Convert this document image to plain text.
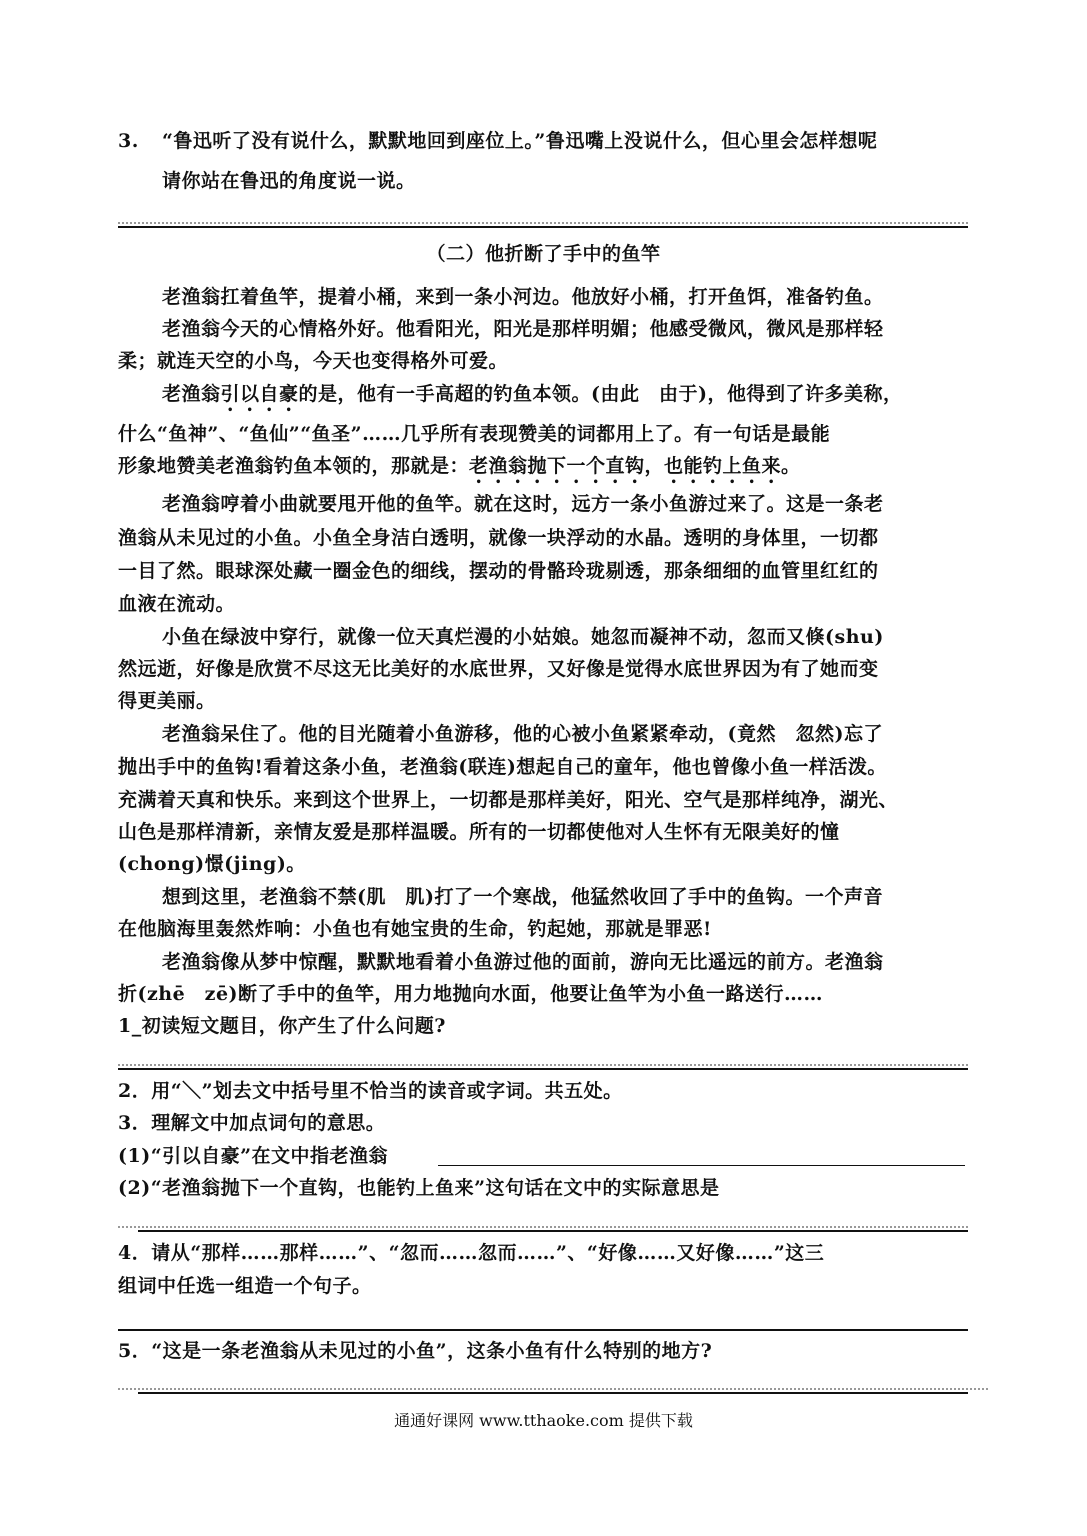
3. “鲁迅听了没有说什么，默默地回到座位上。”鲁迅嘴上没说什么，但心里会怎样想呢
请你站在鲁迅的角度说一说。
（二）他折断了手中的鱼竿
老渔翁扛着鱼竿，提着小桶，来到一条小河边。他放好小桶，打开鱼饵，准备钓鱼。
老渔翁今天的心情格外好。他看阳光，阳光是那样明媚；他感受微风，微风是那样轻
柔；就连天空的小鸟，今天也变得格外可爱。
老渔翁引以自豪的是，他有一手高超的钓鱼本领。(由此　由于)，他得到了许多美称，
什么“鱼神”、“鱼仙”“鱼圣”……几乎所有表现赞美的词都用上了。有一句话是最能
形象地赞美老渔翁钓鱼本领的，那就是：老渔翁抛下一个直钩，也能钓上鱼来。
老渔翁哼着小曲就要甩开他的鱼竿。就在这时，远方一条小鱼游过来了。这是一条老
渔翁从未见过的小鱼。小鱼全身洁白透明，就像一块浮动的水晶。透明的身体里，一切都
一目了然。眼球深处藏一圈金色的细线，摆动的骨骼玲珑剔透，那条细细的血管里红红的
血液在流动。
小鱼在绿波中穿行，就像一位天真烂漫的小姑娘。她忽而凝神不动，忽而又倏(shu)
然远逝，好像是欣赏不尽这无比美好的水底世界，又好像是觉得水底世界因为有了她而变
得更美丽。
老渔翁呆住了。他的目光随着小鱼游移，他的心被小鱼紧紧牵动，(竟然　忽然)忘了
抛出手中的鱼钩!看着这条小鱼，老渔翁(联连)想起自己的童年，他也曾像小鱼一样活泼。
充满着天真和快乐。来到这个世界上，一切都是那样美好，阳光、空气是那样纯净，湖光、
山色是那样清新，亲情友爱是那样温暖。所有的一切都使他对人生怀有无限美好的憧
(chong)憬(jing)。
想到这里，老渔翁不禁(肌　肌)打了一个寒战，他猛然收回了手中的鱼钩。一个声音
在他脑海里轰然炸响：小鱼也有她宝贵的生命，钓起她，那就是罪恶!
老渔翁像从梦中惊醒，默默地看着小鱼游过他的面前，游向无比遥远的前方。老渔翁
折(zhē　zē)断了手中的鱼竿，用力地抛向水面，他要让鱼竿为小鱼一路送行……
1_初读短文题目，你产生了什么问题?
2．用“＼”划去文中括号里不恰当的读音或字词。共五处。
3．理解文中加点词句的意思。
(1)“引以自豪”在文中指老渔翁
(2)“老渔翁抛下一个直钩，也能钓上鱼来”这句话在文中的实际意思是
4．请从“那样……那样……”、“忽而……忽而……”、“好像……又好像……”这三
组词中任选一组造一个句子。
5．“这是一条老渔翁从未见过的小鱼”，这条小鱼有什么特别的地方?
通通好课网 www.tthaoke.com 提供下载
